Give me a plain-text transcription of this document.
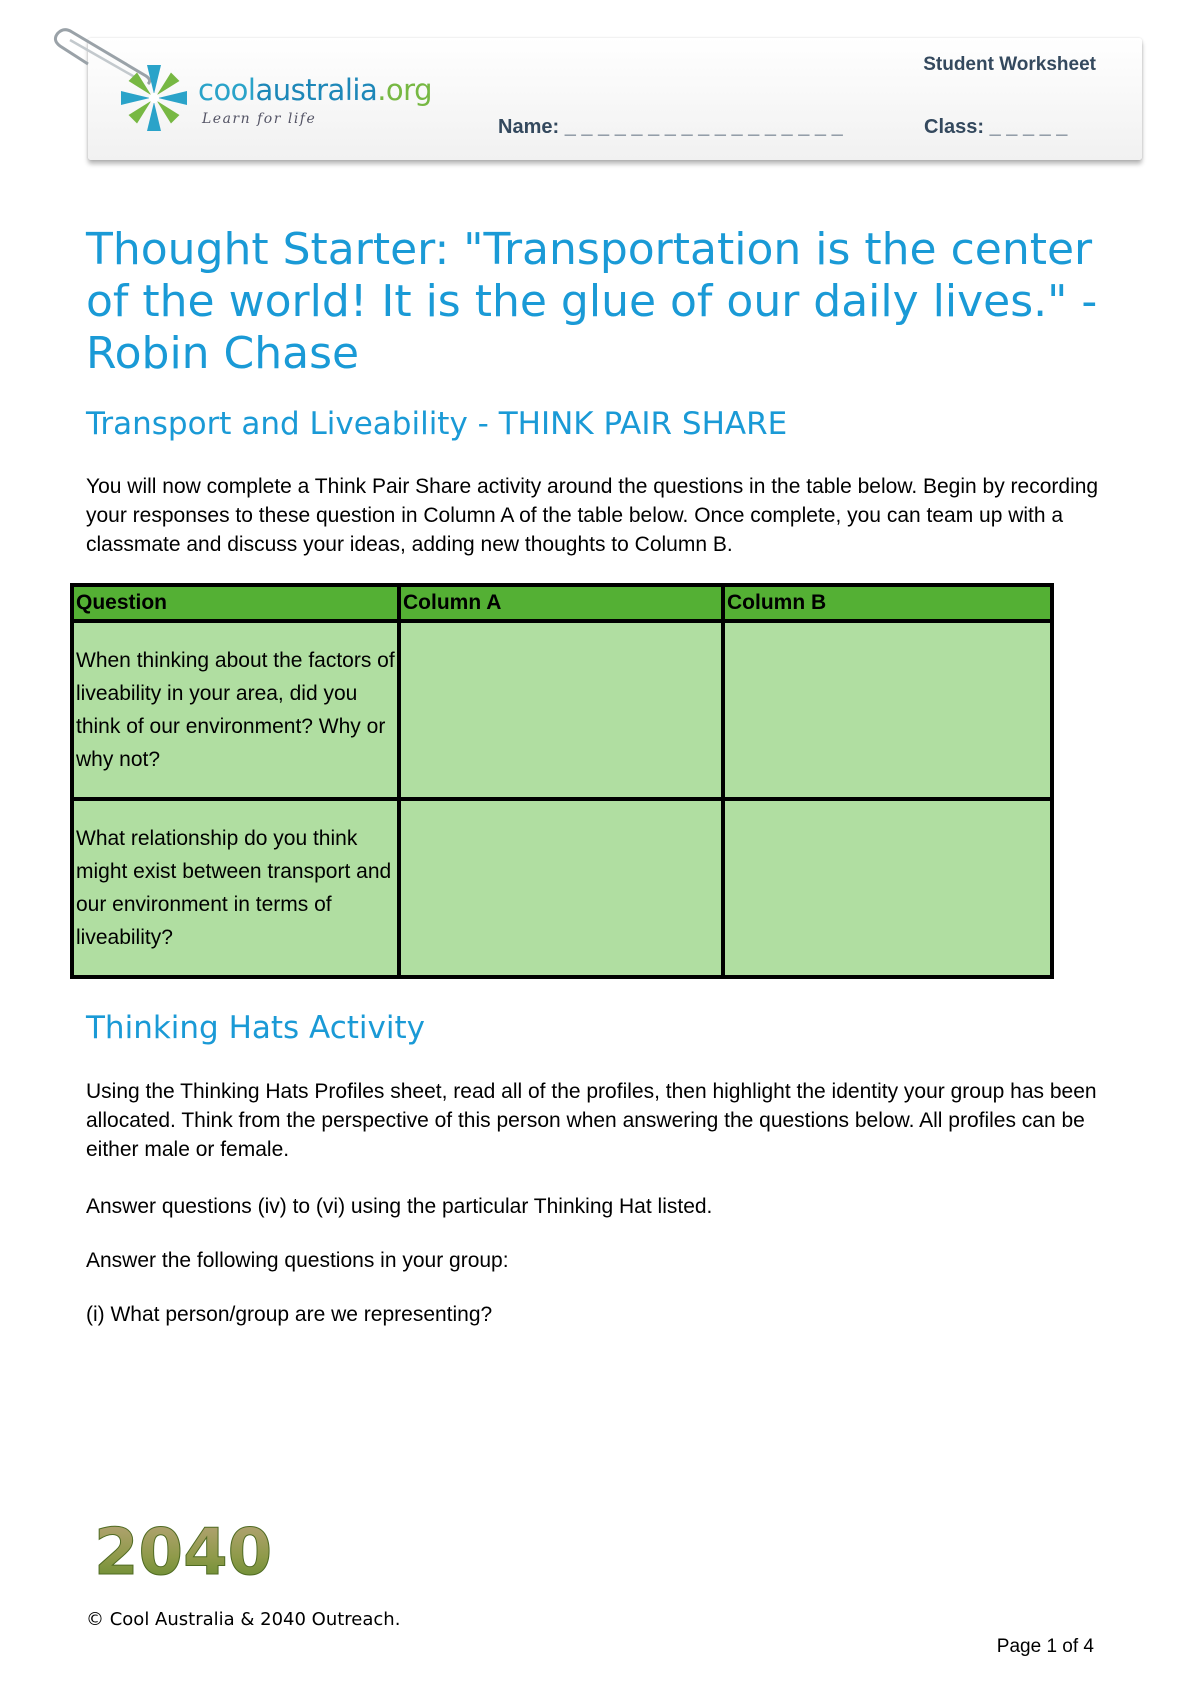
coolaustralia.org
Learn for life
Student Worksheet
Name: _ _ _ _ _ _ _ _ _ _ _ _ _ _ _ _ _	Class: _ _ _ _ _
Thought Starter: "Transportation is the center of the world! It is the glue of our daily lives." - Robin Chase
Transport and Liveability - THINK PAIR SHARE

You will now complete a Think Pair Share activity around the questions in the table below. Begin by recording your responses to these question in Column A of the table below. Once complete, you can team up with a classmate and discuss your ideas, adding new thoughts to Column B.

Question	Column A	Column B
When thinking about the factors of liveability in your area, did you think of our environment? Why or why not?		
What relationship do you think might exist between transport and our environment in terms of liveability?		
Thinking Hats Activity

Using the Thinking Hats Profiles sheet, read all of the profiles, then highlight the identity your group has been allocated. Think from the perspective of this person when answering the questions below. All profiles can be either male or female.

Answer questions (iv) to (vi) using the particular Thinking Hat listed.

Answer the following questions in your group:

(i) What person/group are we representing?

2040
© Cool Australia & 2040 Outreach.
Page 1 of 4
